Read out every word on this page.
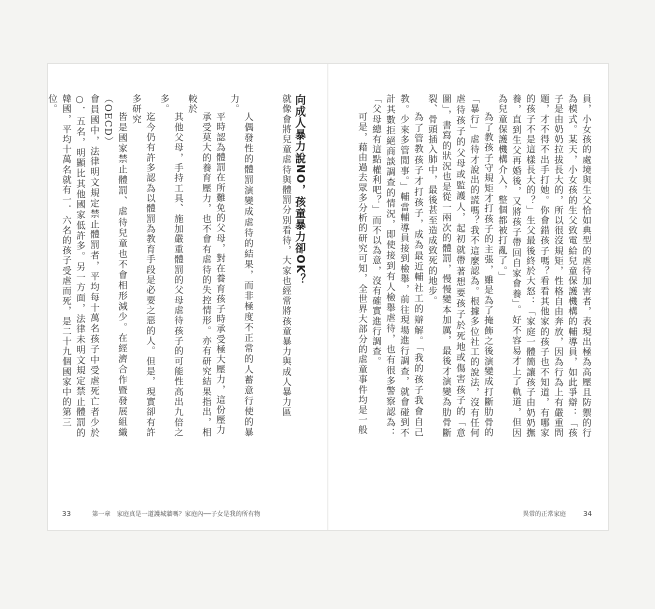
人偶發性的體罰演變成虐待的結果，而非極度不正常的人蓄意行使的暴力。

平時認為體罰在所難免的父母，對在養育孩子時承受極大壓力，這份壓力

承受莫大的養育壓力，也不會有虐待的失控情形。亦有研究結果指出，相較於

其他父母，手持工具、施加嚴重體罰的父母虐待孩子的可能性高出九倍之多。

迄今仍有許多認為以體罰為教育手段是必要之惡的人。但是，現實卻有許多研究

皆是國家禁止體罰、虐待兒童也不會相形減少。在經濟合作暨發展組織（OECD）

會員國中，法律明文規定禁止體罰者，平均每十萬名孩子中受虐死亡者少於○．五名，明顯比其他國家低許多。另一方面，法律未明文規定禁止體罰的韓國，平均十萬名就有一．六名的孩子受虐而死，是二十九個國家中的第三

位。	向成人暴力說NO，孩童暴力卻OK？
就像會將兒童虐待與體罰分別看待，大家也經常將孩童暴力與成人暴力區
33	第一章　家庭真是一道護城牆嗎？家庭內──子女是我的所有物

員，小女孩的處境與生父恰如典型的虐待加害者，表現出極為高壓且防禦的行為模式。某天，小女孩的生父致電給兒童保護機構的輔導員，如此爭辯：「孩子是由奶奶拉拔長大的，所以很沒規矩，性格自由奔放，因為行為上有嚴重問題，才不得不出手打她。你會錯孩子嗎？看看其他家的孩子也不知道，有哪家的孩子不是這樣長大的？」生父最後終於大怒：「家庭一體簡讓孩子由奶奶撫養，直到生父再婚後，又將孩子帶回自家會養」。好不容易才上了軌道，但因為兒童保護機構介入，整個都被打亂了。」

為了教孩子守規矩才打孩子的主張，雖是為了掩飾之後演變成打斷肋骨的「暴行」虐待才說出的謊嗎？我不這麼認為。根據多位社工的說法，沒有任何虐待孩子的父母或監護人，起初就帶著想要孩子於死地或傷害孩子的「意圖」，書寫的狀況也是從一兩次的體罰，慢慢變本加厲，最後才演變為肋骨斷裂、骨頭插入肺中，最後甚至造成致死的地步。

為了管教孩子才打孩子，成為最近輔社工的辯解。「我的孩子我會自己教。少來多管閒事。」輔當輔導員接到檢舉，前往現場進行調查，就會碰到不計其數拒絕商談調查的情況，即使接到有人檢舉虐待，也有很多警察認為：「父母總有這點權利吧？」而不以為意，沒有確實進行調查。

可是，藉由過去眾多分析的研究可知，全世界大部分的虐童事件均是一般

異常的正常家庭 34
